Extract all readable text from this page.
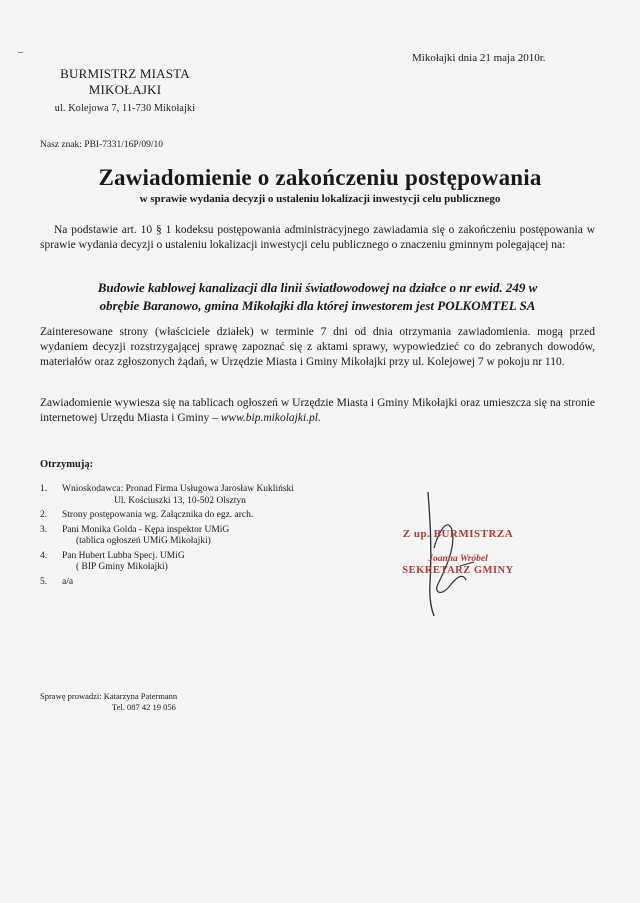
Mikołajki dnia 21 maja 2010r.
BURMISTRZ MIASTA
MIKOŁAJKI
ul. Kolejowa 7, 11-730 Mikołajki
Nasz znak: PBI-7331/16P/09/10
Zawiadomienie o zakończeniu postępowania
w sprawie wydania decyzji o ustaleniu lokalizacji inwestycji celu publicznego
Na podstawie art. 10 § 1 kodeksu postępowania administracyjnego zawiadamia się o zakończeniu postępowania w sprawie wydania decyzji o ustaleniu lokalizacji inwestycji celu publicznego o znaczeniu gminnym polegającej na:
Budowie kablowej kanalizacji dla linii światłowodowej na działce o nr ewid. 249 w
obrębie Baranowo, gmina Mikołajki dla której inwestorem jest POLKOMTEL SA
Zainteresowane strony (właściciele działek) w terminie 7 dni od dnia otrzymania zawiadomienia. mogą przed wydaniem decyzji rozstrzygającej sprawę zapoznać się z aktami sprawy, wypowiedzieć co do zebranych dowodów, materiałów oraz zgłoszonych żądań, w Urzędzie Miasta i Gminy Mikołajki przy ul. Kolejowej 7 w pokoju nr 110.
Zawiadomienie wywiesza się na tablicach ogłoszeń w Urzędzie Miasta i Gminy Mikołajki oraz umieszcza się na stronie internetowej Urzędu Miasta i Gminy – www.bip.mikolajki.pl.
Otrzymują:
1.	Wnioskodawca: Pronad Firma Usługowa Jarosław Kukliński
Ul. Kościuszki 13, 10-502 Olsztyn
2.	Strony postępowania wg. Załącznika do egz. arch.
3.	Pani Monika Golda - Kępa inspektor UMiG
(tablica ogłoszeń UMiG Mikołajki)
4.	Pan Hubert Lubba Specj. UMiG
( BIP Gminy Mikołajki)
5.	a/a
Z up. BURMISTRZA
Joanna Wróbel
SEKRETARZ GMINY
Sprawę prowadzi: Katarzyna Patermann
Tel. 087 42 19 056
